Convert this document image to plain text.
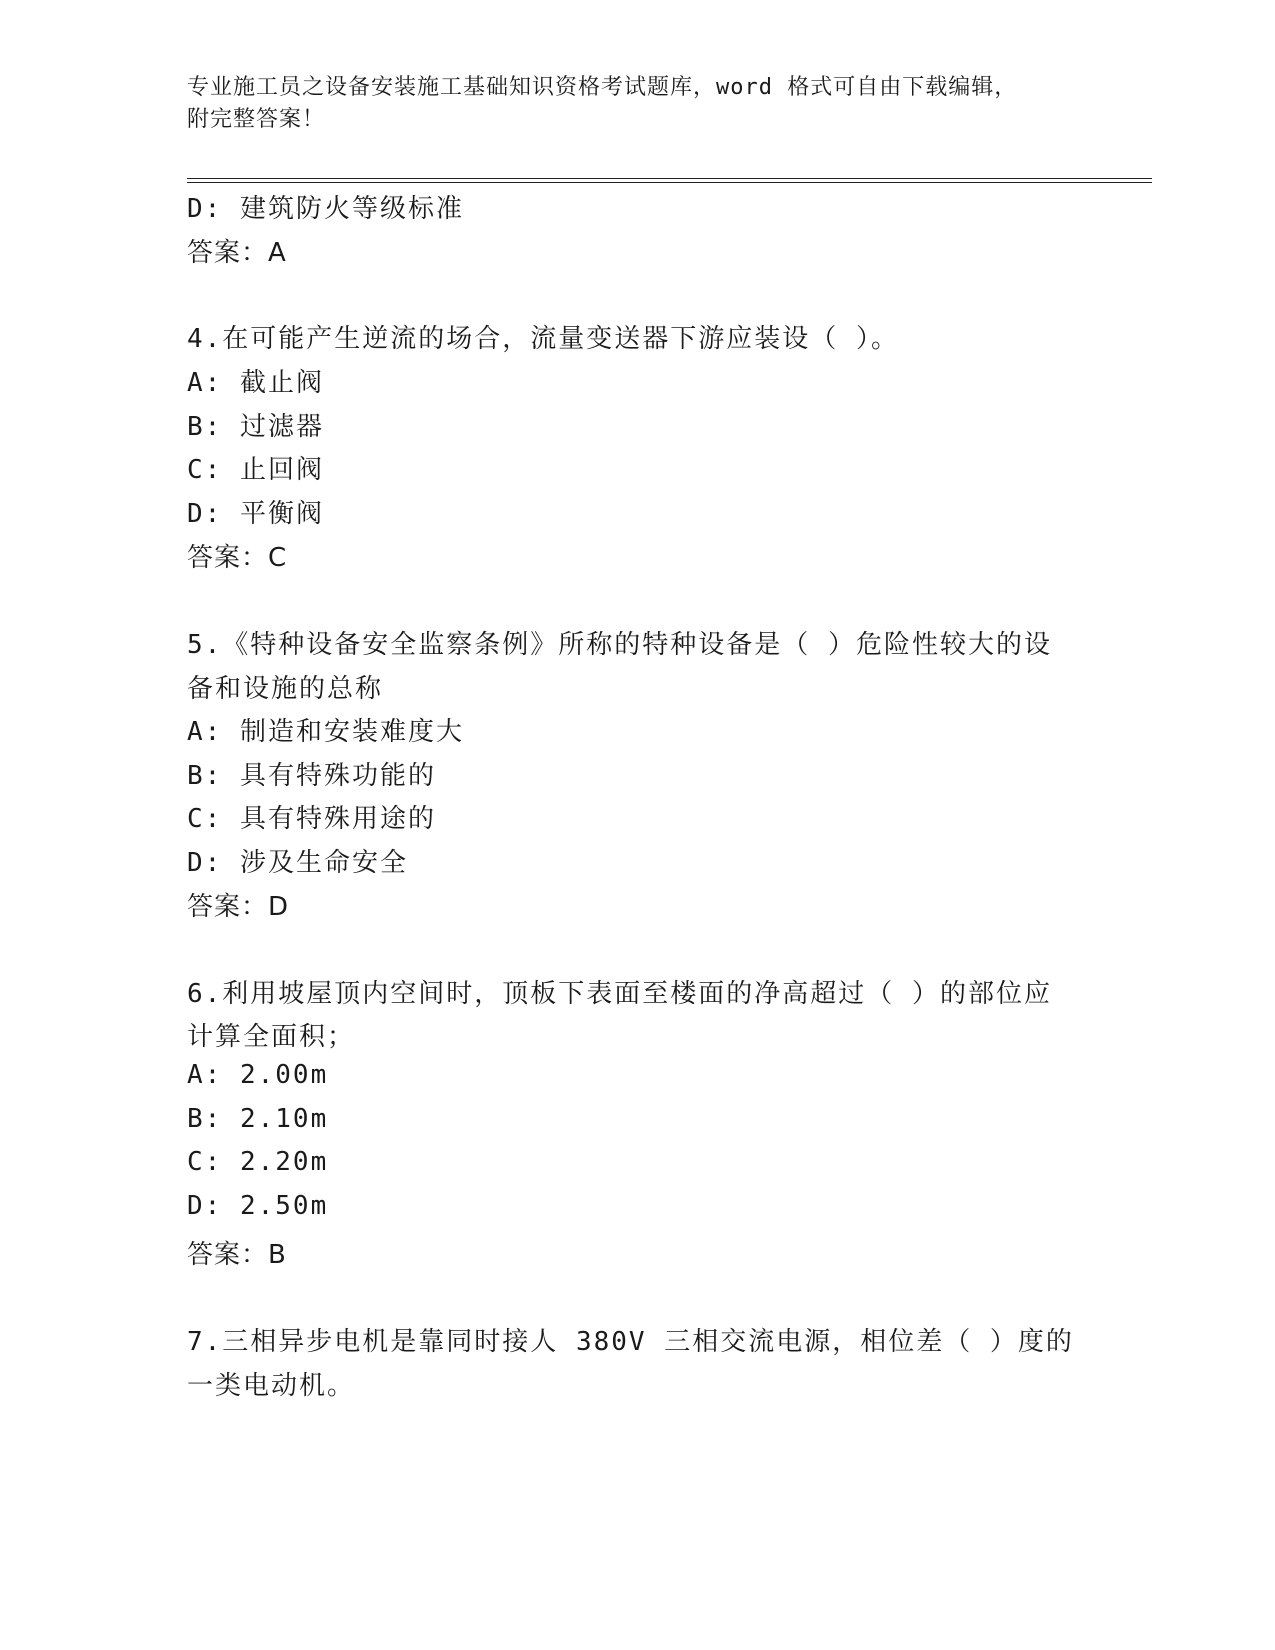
专业施工员之设备安装施工基础知识资格考试题库，word 格式可自由下载编辑，
附完整答案！
D: 建筑防火等级标准
答案：A
4.在可能产生逆流的场合，流量变送器下游应装设（ ）。
A: 截止阀
B: 过滤器
C: 止回阀
D: 平衡阀
答案：C
5.《特种设备安全监察条例》所称的特种设备是（ ）危险性较大的设
备和设施的总称
A: 制造和安装难度大
B: 具有特殊功能的
C: 具有特殊用途的
D: 涉及生命安全
答案：D
6.利用坡屋顶内空间时，顶板下表面至楼面的净高超过（ ）的部位应
计算全面积；
A: 2.00m
B: 2.10m
C: 2.20m
D: 2.50m
答案：B
7.三相异步电机是靠同时接人 380V 三相交流电源，相位差（ ）度的
一类电动机。
